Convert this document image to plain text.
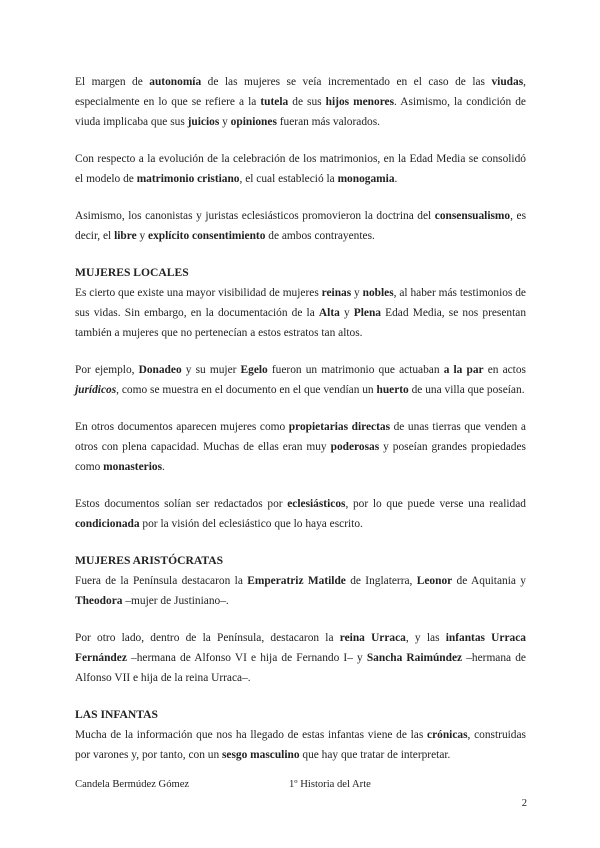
El margen de autonomía de las mujeres se veía incrementado en el caso de las viudas, especialmente en lo que se refiere a la tutela de sus hijos menores. Asimismo, la condición de viuda implicaba que sus juicios y opiniones fueran más valorados.

Con respecto a la evolución de la celebración de los matrimonios, en la Edad Media se consolidó el modelo de matrimonio cristiano, el cual estableció la monogamia.

Asimismo, los canonistas y juristas eclesiásticos promovieron la doctrina del consensualismo, es decir, el libre y explícito consentimiento de ambos contrayentes.

MUJERES LOCALES

Es cierto que existe una mayor visibilidad de mujeres reinas y nobles, al haber más testimonios de sus vidas. Sin embargo, en la documentación de la Alta y Plena Edad Media, se nos presentan también a mujeres que no pertenecían a estos estratos tan altos.

Por ejemplo, Donadeo y su mujer Egelo fueron un matrimonio que actuaban a la par en actos jurídicos, como se muestra en el documento en el que vendían un huerto de una villa que poseían.

En otros documentos aparecen mujeres como propietarias directas de unas tierras que venden a otros con plena capacidad. Muchas de ellas eran muy poderosas y poseían grandes propiedades como monasterios.

Estos documentos solían ser redactados por eclesiásticos, por lo que puede verse una realidad condicionada por la visión del eclesiástico que lo haya escrito.

MUJERES ARISTÓCRATAS

Fuera de la Península destacaron la Emperatriz Matilde de Inglaterra, Leonor de Aquitania y Theodora –mujer de Justiniano–.

Por otro lado, dentro de la Península, destacaron la reina Urraca, y las infantas Urraca Fernández –hermana de Alfonso VI e hija de Fernando I– y Sancha Raimúndez –hermana de Alfonso VII e hija de la reina Urraca–.

LAS INFANTAS

Mucha de la información que nos ha llegado de estas infantas viene de las crónicas, construidas por varones y, por tanto, con un sesgo masculino que hay que tratar de interpretar.

Candela Bermúdez Gómez	1º Historia del Arte
2
